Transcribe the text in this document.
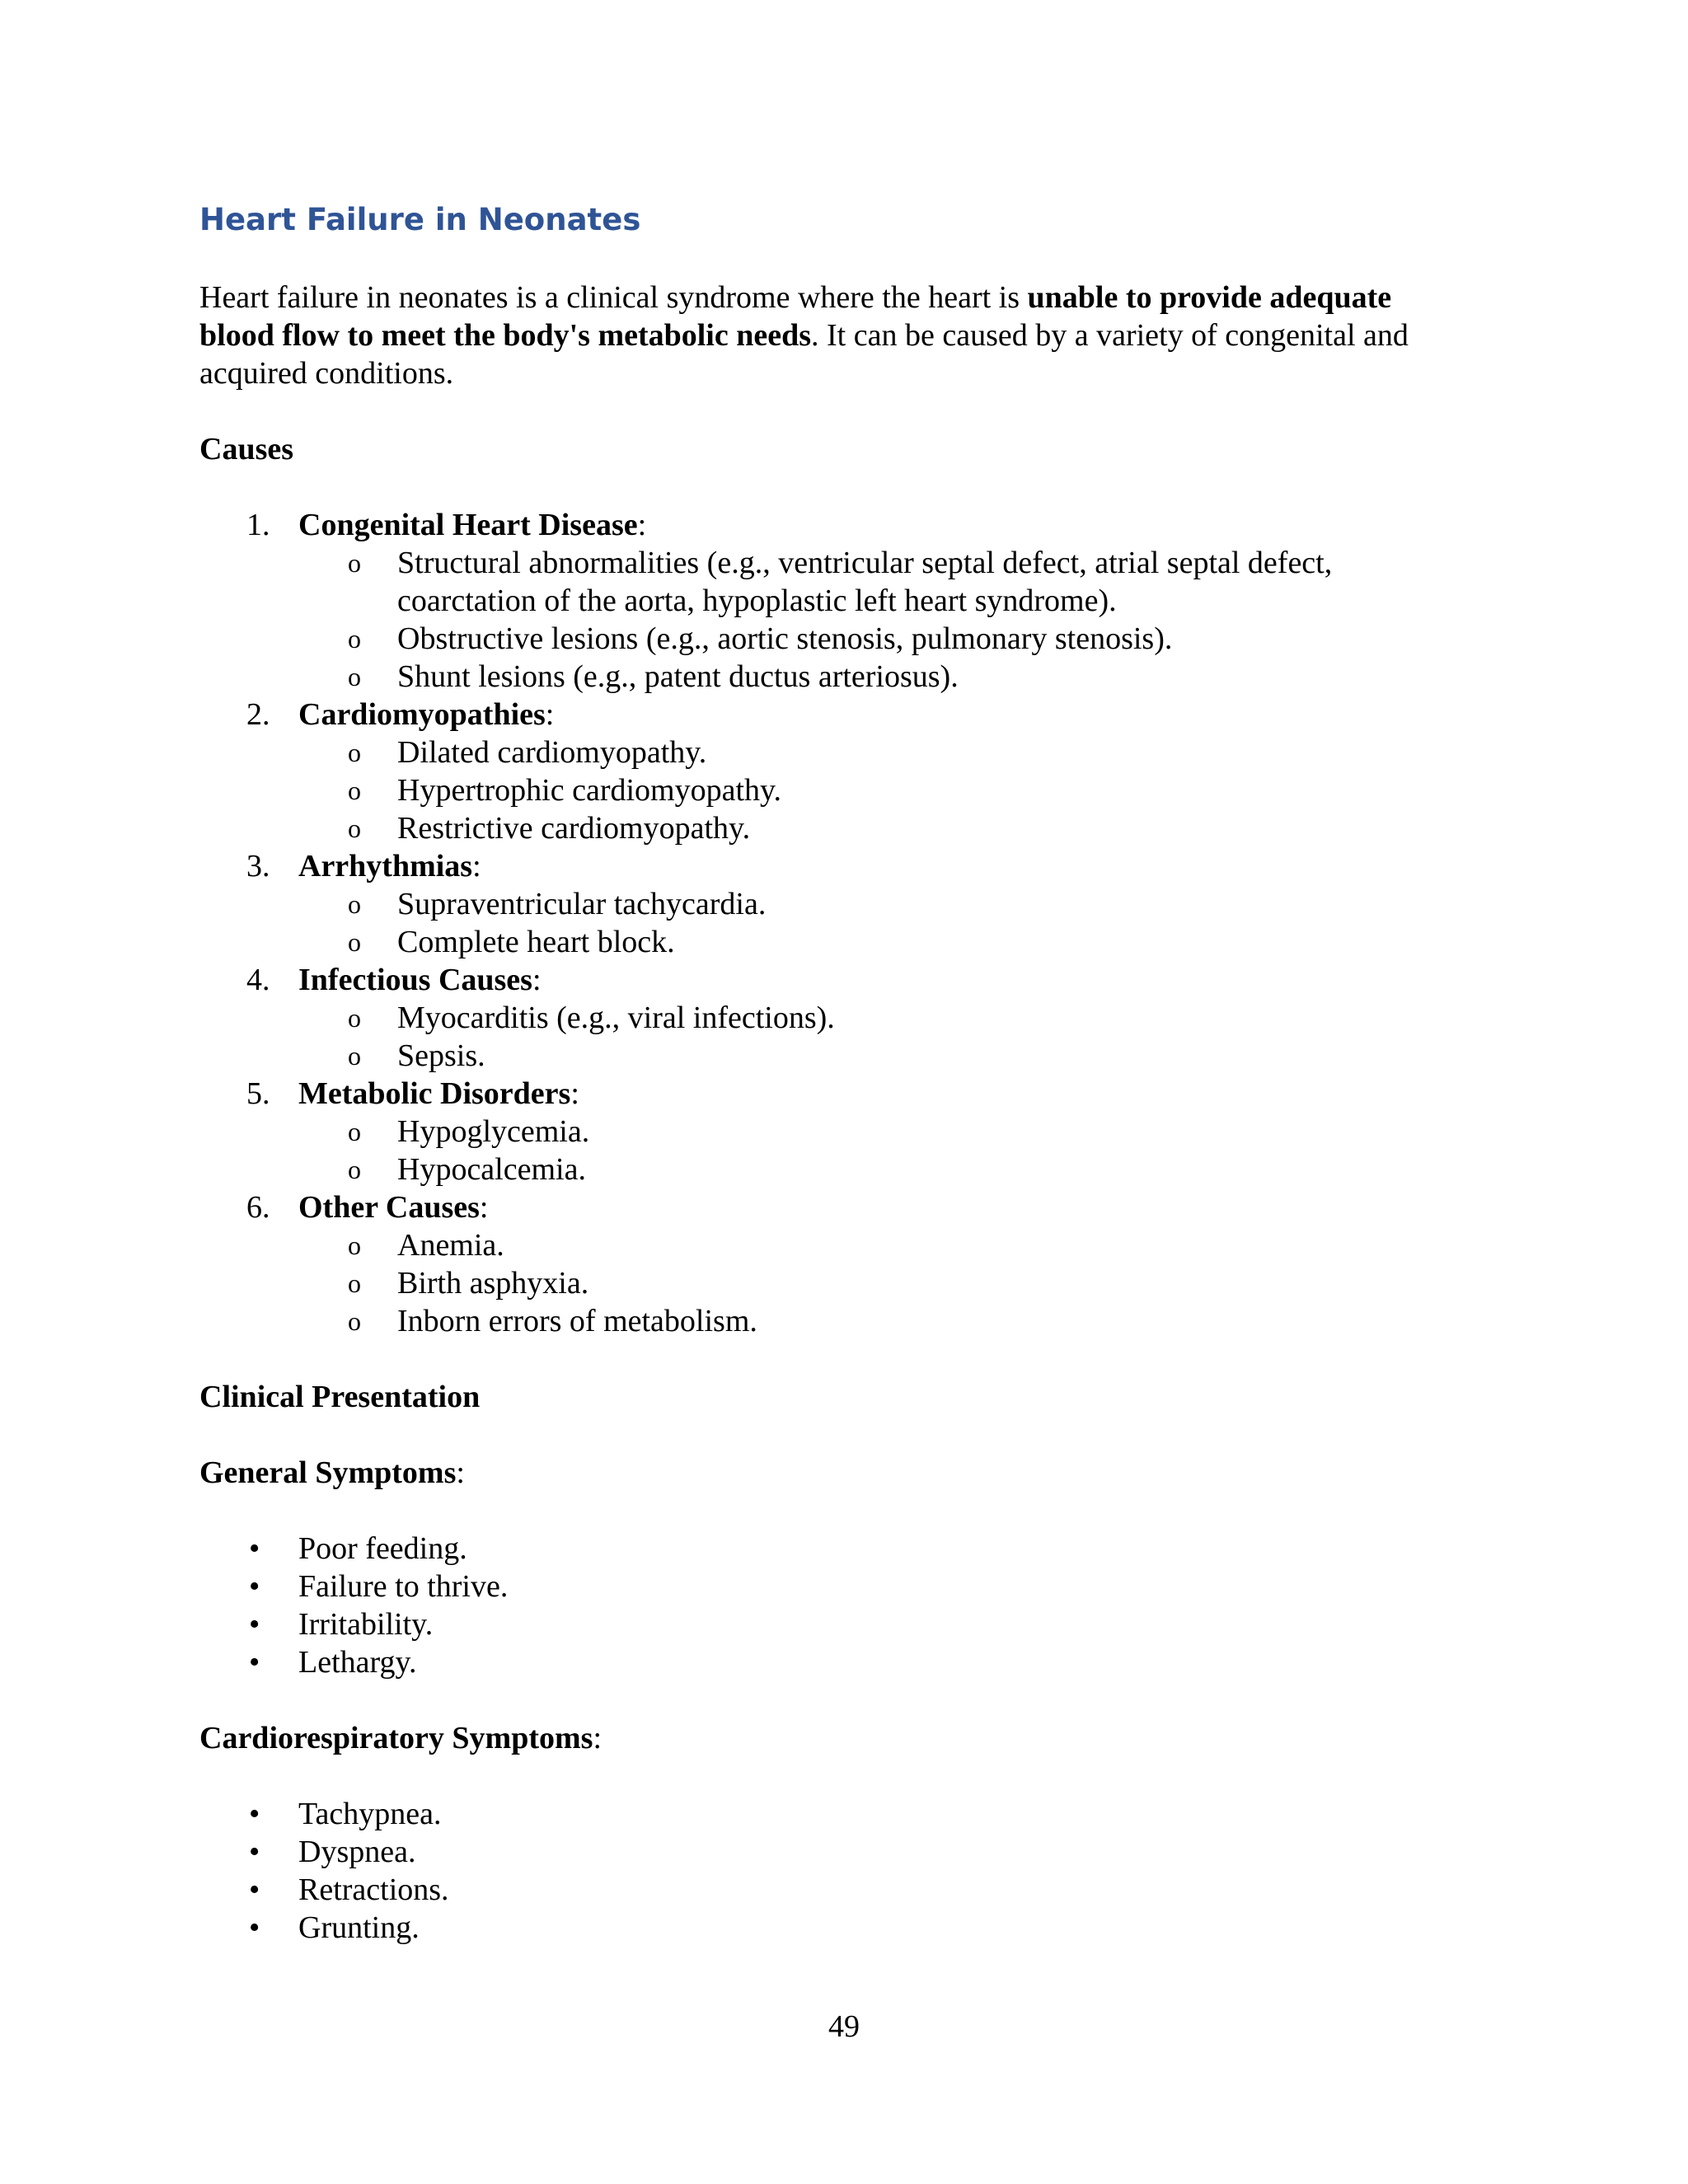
Heart Failure in Neonates

Heart failure in neonates is a clinical syndrome where the heart is unable to provide adequate
blood flow to meet the body's metabolic needs. It can be caused by a variety of congenital and
acquired conditions.

Causes

1. Congenital Heart Disease:
o Structural abnormalities (e.g., ventricular septal defect, atrial septal defect,
coarctation of the aorta, hypoplastic left heart syndrome).
o Obstructive lesions (e.g., aortic stenosis, pulmonary stenosis).
o Shunt lesions (e.g., patent ductus arteriosus).
2. Cardiomyopathies:
o Dilated cardiomyopathy.
o Hypertrophic cardiomyopathy.
o Restrictive cardiomyopathy.
3. Arrhythmias:
o Supraventricular tachycardia.
o Complete heart block.
4. Infectious Causes:
o Myocarditis (e.g., viral infections).
o Sepsis.
5. Metabolic Disorders:
o Hypoglycemia.
o Hypocalcemia.
6. Other Causes:
o Anemia.
o Birth asphyxia.
o Inborn errors of metabolism.

Clinical Presentation

General Symptoms:

• Poor feeding.
• Failure to thrive.
• Irritability.
• Lethargy.

Cardiorespiratory Symptoms:

• Tachypnea.
• Dyspnea.
• Retractions.
• Grunting.
49
